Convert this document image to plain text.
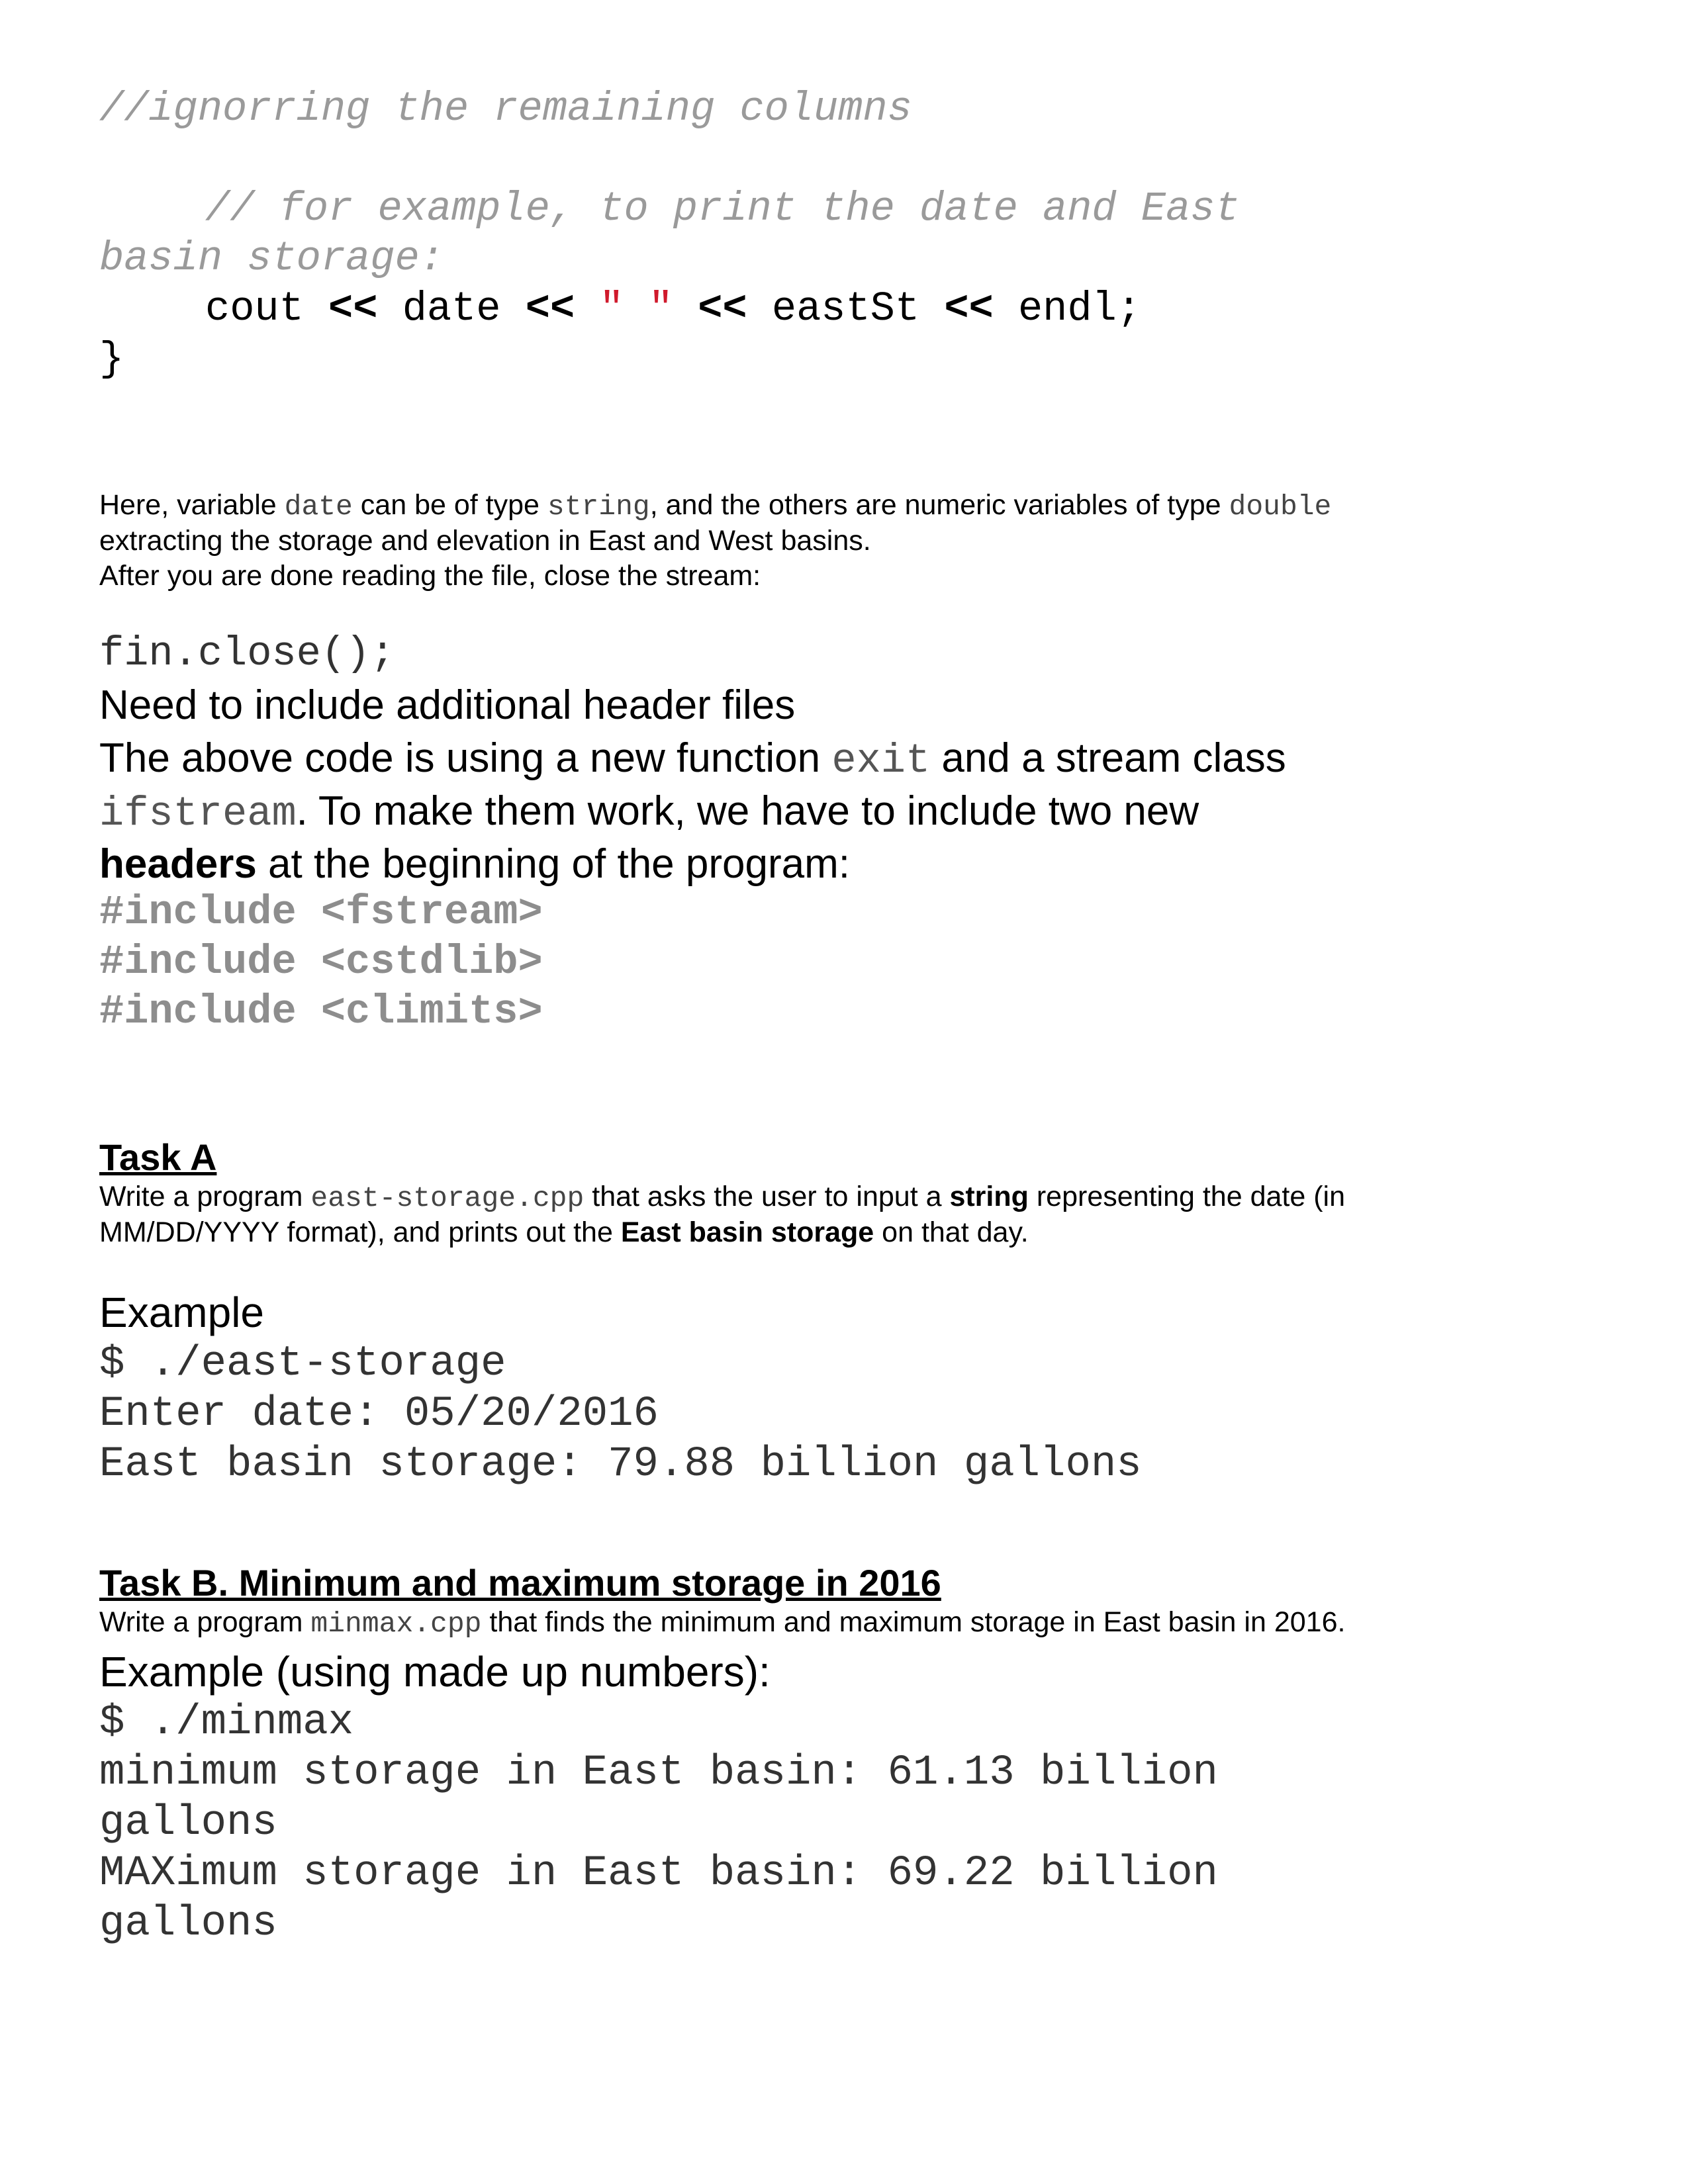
//ignorring the remaining columns
// for example, to print the date and East
basin storage:
cout << date << " " << eastSt << endl;
}
Here, variable date can be of type string, and the others are numeric variables of type double
extracting the storage and elevation in East and West basins.
After you are done reading the file, close the stream:
fin.close();
Need to include additional header files
The above code is using a new function exit and a stream class
ifstream. To make them work, we have to include two new
headers at the beginning of the program:
#include <fstream>
#include <cstdlib>
#include <climits>
Task A
Write a program east-storage.cpp that asks the user to input a string representing the date (in
MM/DD/YYYY format), and prints out the East basin storage on that day.
Example
$ ./east-storage
Enter date: 05/20/2016
East basin storage: 79.88 billion gallons
Task B. Minimum and maximum storage in 2016
Write a program minmax.cpp that finds the minimum and maximum storage in East basin in 2016.
Example (using made up numbers):
$ ./minmax
minimum storage in East basin: 61.13 billion
gallons
MAXimum storage in East basin: 69.22 billion
gallons
